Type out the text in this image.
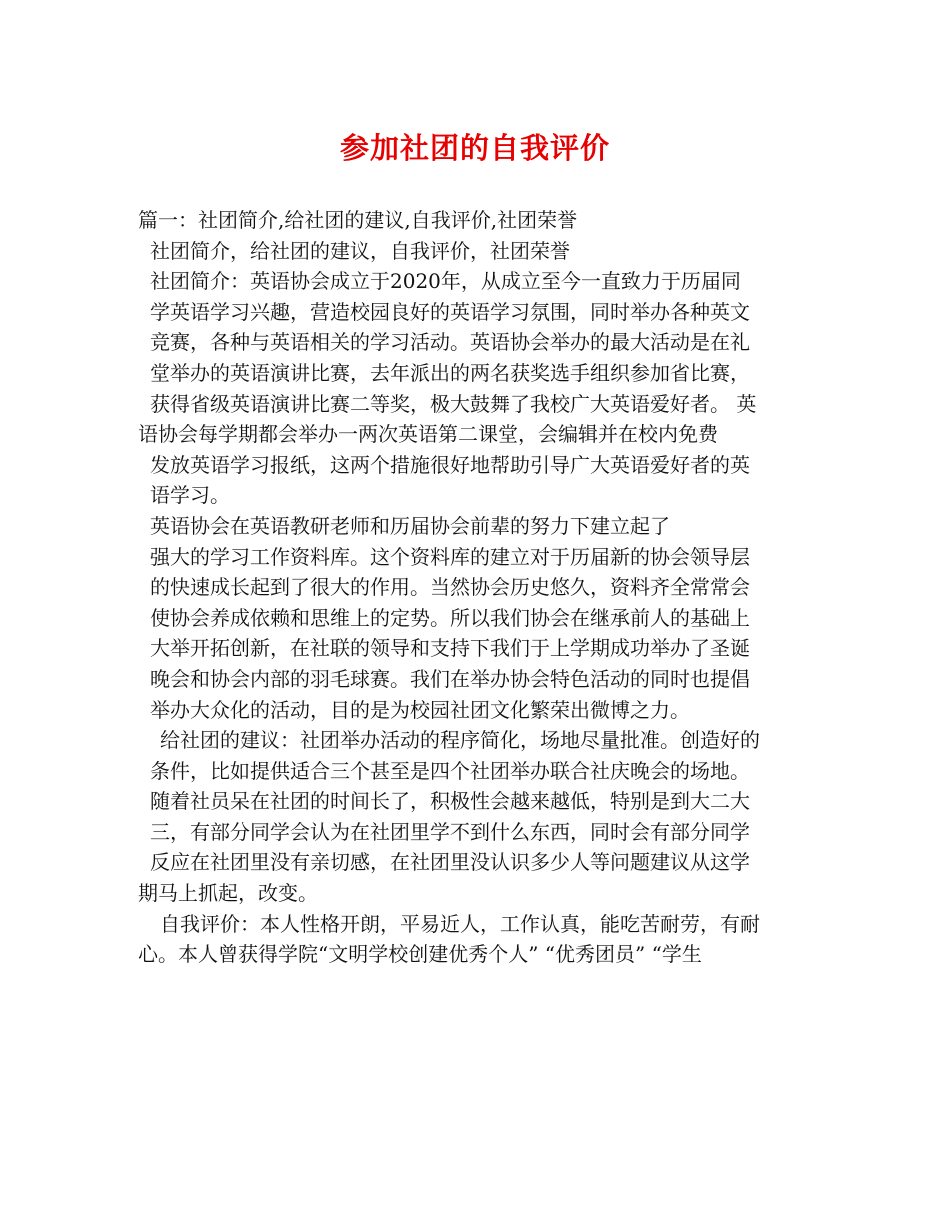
参加社团的自我评价
篇一：社团简介,给社团的建议,自我评价,社团荣誉
社团简介，给社团的建议，自我评价，社团荣誉
社团简介：英语协会成立于2020年，从成立至今一直致力于历届同
学英语学习兴趣，营造校园良好的英语学习氛围，同时举办各种英文
竞赛，各种与英语相关的学习活动。英语协会举办的最大活动是在礼
堂举办的英语演讲比赛，去年派出的两名获奖选手组织参加省比赛，
获得省级英语演讲比赛二等奖，极大鼓舞了我校广大英语爱好者。 英
语协会每学期都会举办一两次英语第二课堂，会编辑并在校内免费
发放英语学习报纸，这两个措施很好地帮助引导广大英语爱好者的英
语学习。
英语协会在英语教研老师和历届协会前辈的努力下建立起了
强大的学习工作资料库。这个资料库的建立对于历届新的协会领导层
的快速成长起到了很大的作用。当然协会历史悠久，资料齐全常常会
使协会养成依赖和思维上的定势。所以我们协会在继承前人的基础上
大举开拓创新，在社联的领导和支持下我们于上学期成功举办了圣诞
晚会和协会内部的羽毛球赛。我们在举办协会特色活动的同时也提倡
举办大众化的活动，目的是为校园社团文化繁荣出微博之力。
给社团的建议：社团举办活动的程序简化，场地尽量批准。创造好的
条件，比如提供适合三个甚至是四个社团举办联合社庆晚会的场地。
随着社员呆在社团的时间长了，积极性会越来越低，特别是到大二大
三，有部分同学会认为在社团里学不到什么东西，同时会有部分同学
反应在社团里没有亲切感，在社团里没认识多少人等问题建议从这学
期马上抓起，改变。
自我评价：本人性格开朗，平易近人，工作认真，能吃苦耐劳，有耐
心。本人曾获得学院“文明学校创建优秀个人” “优秀团员” “学生
